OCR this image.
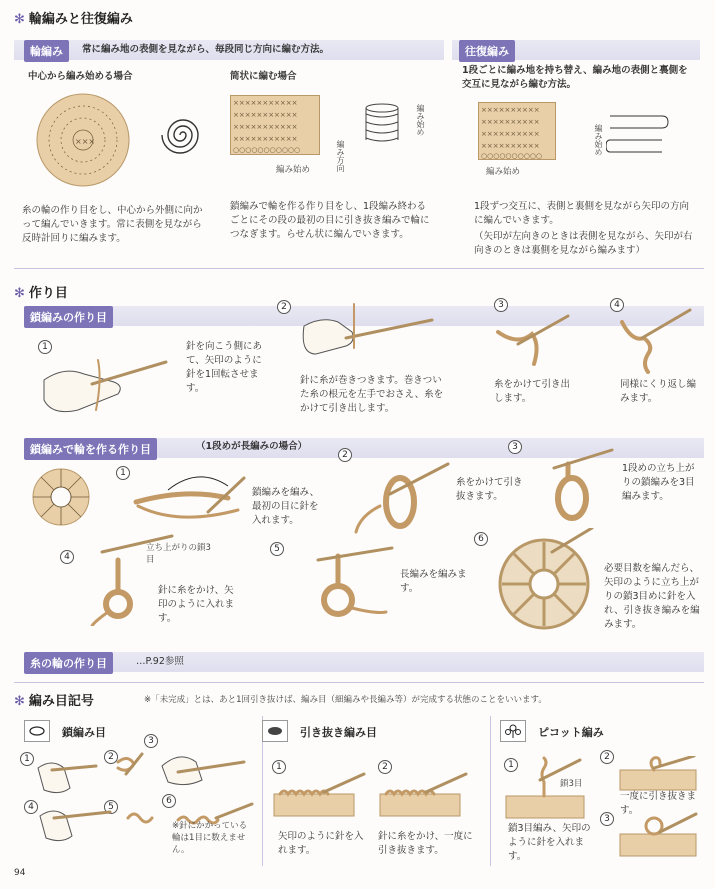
✻ 輪編みと往復編み
輪編み	常に編み地の表側を見ながら、毎段同じ方向に編む方法。	往復編み
1段ごとに編み地を持ち替え、編み地の表側と裏側を交互に見ながら編む方法。
中心から編み始める場合	筒状に編む場合
×××
×××××××××××
×××××××××××
×××××××××××
×××××××××××
○○○○○○○○○○○
編み始め	編み方向
編み始め	××××××××××
××××××××××
××××××××××
××××××××××
○○○○○○○○○○
編み始め
編み始め
糸の輪の作り目をし、中心から外側に向かって編んでいきます。常に表側を見ながら反時計回りに編みます。
鎖編みで輪を作る作り目をし、1段編み終わるごとにその段の最初の目に引き抜き編みで輪につなぎます。らせん状に編んでいきます。
1段ずつ交互に、表側と裏側を見ながら矢印の方向に編んでいきます。
（矢印が左向きのときは表側を見ながら、矢印が右向きのときは裏側を見ながら編みます）
✻ 作り目
鎖編みの作り目
1	針を向こう側にあて、矢印のように針を1回転させます。
2
針に糸が巻きつきます。巻きついた糸の根元を左手でおさえ、糸をかけて引き出します。
3
糸をかけて引き出します。
4
同様にくり返し編みます。
鎖編みで輪を作る作り目	（1段めが長編みの場合）
1
鎖編みを編み、最初の目に針を入れます。
2
糸をかけて引き抜きます。
3
1段めの立ち上がりの鎖編みを3目編みます。
4
立ち上がりの鎖3目
針に糸をかけ、矢印のように入れます。
5
長編みを編みます。
6
必要目数を編んだら、矢印のように立ち上がりの鎖3目めに針を入れ、引き抜き編みを編みます。
糸の輪の作り目	…P.92参照
✻ 編み目記号	※「未完成」とは、あと1回引き抜けば、編み目（細編みや長編み等）が完成する状態のことをいいます。
鎖編み目
1	2
3
4	5
6
※針にかかっている輪は1目に数えません。
引き抜き編み目
1	2
矢印のように針を入れます。
針に糸をかけ、一度に引き抜きます。
ピコット編み
1
2
3
鎖3目
鎖3目編み、矢印のように針を入れます。
一度に引き抜きます。
94
